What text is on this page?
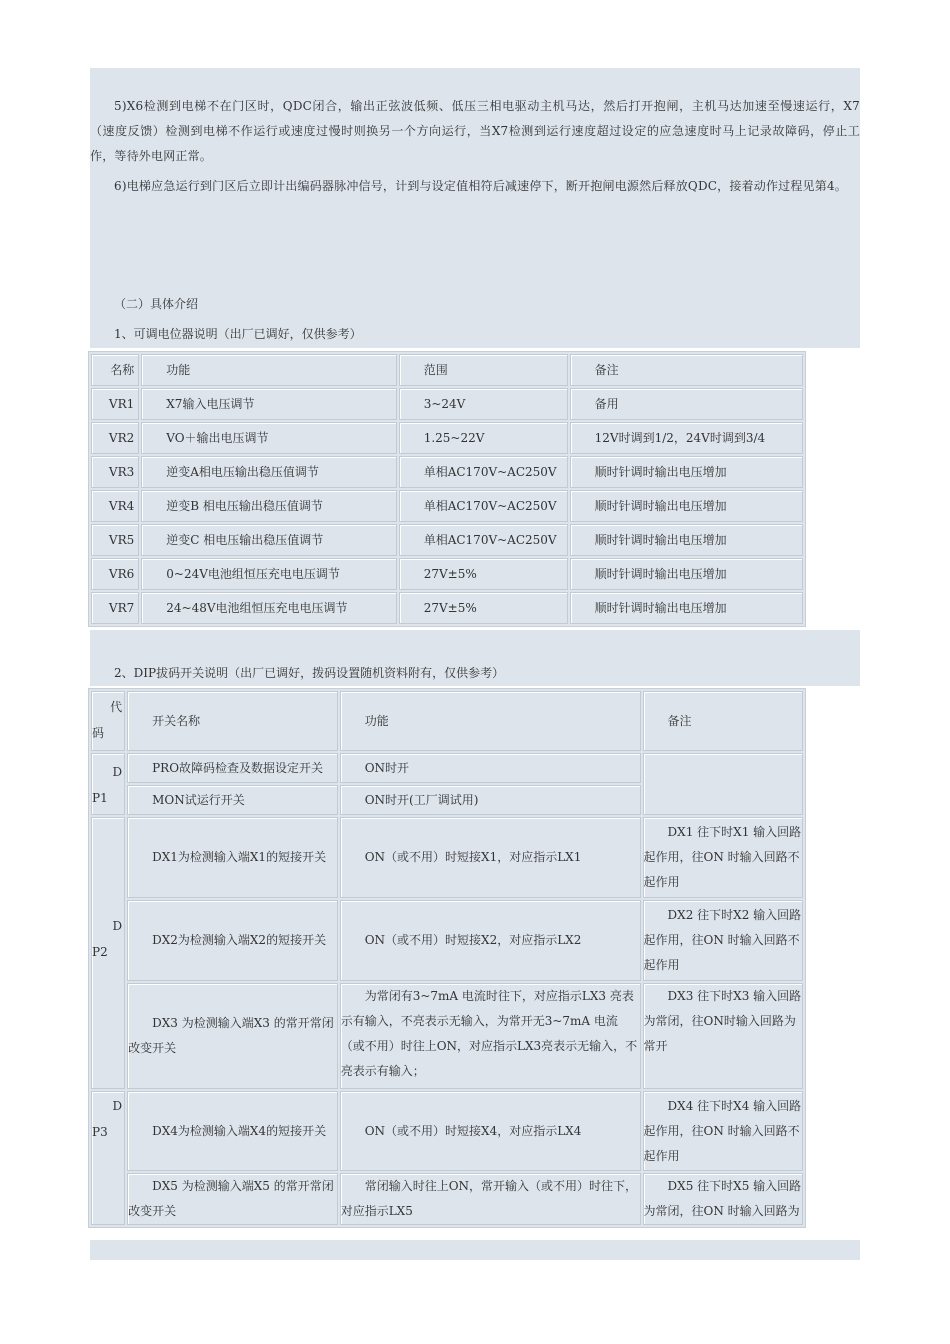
5)X6检测到电梯不在门区时，QDC闭合，输出正弦波低频、低压三相电驱动主机马达，然后打开抱闸，主机马达加速至慢速运行，X7（速度反馈）检测到电梯不作运行或速度过慢时则换另一个方向运行，当X7检测到运行速度超过设定的应急速度时马上记录故障码，停止工作，等待外电网正常。
6)电梯应急运行到门区后立即计出编码器脉冲信号，计到与设定值相符后减速停下，断开抱闸电源然后释放QDC，接着动作过程见第4。
（二）具体介绍
1、可调电位器说明（出厂已调好，仅供参考）
名称	功能	范围	备注
VR1	X7输入电压调节	3~24V	备用
VR2	VO＋输出电压调节	1.25~22V	12V时调到1/2，24V时调到3/4
VR3	逆变A相电压输出稳压值调节	单相AC170V~AC250V	顺时针调时输出电压增加
VR4	逆变B 相电压输出稳压值调节	单相AC170V~AC250V	顺时针调时输出电压增加
VR5	逆变C 相电压输出稳压值调节	单相AC170V~AC250V	顺时针调时输出电压增加
VR6	0~24V电池组恒压充电电压调节	27V±5%	顺时针调时输出电压增加
VR7	24~48V电池组恒压充电电压调节	27V±5%	顺时针调时输出电压增加
2、DIP拔码开关说明（出厂已调好，拨码设置随机资料附有，仅供参考）
代
码	开关名称	功能	备注

D
P1	PRO故障码检查及数据设定开关	ON时开	
	MON试运行开关	ON时开(工厂调试用)	

D
P2	DX1为检测输入端X1的短接开关	ON（或不用）时短接X1，对应指示LX1	DX1 往下时X1 输入回路起作用，往ON 时输入回路不起作用
	DX2为检测输入端X2的短接开关	ON（或不用）时短接X2，对应指示LX2	DX2 往下时X2 输入回路起作用，往ON 时输入回路不起作用
	DX3 为检测输入端X3 的常开常闭改变开关	为常闭有3~7mA 电流时往下，对应指示LX3 亮表示有输入，不亮表示无输入，为常开无3~7mA 电流（或不用）时往上ON，对应指示LX3亮表示无输入，不亮表示有输入；	DX3 往下时X3 输入回路为常闭，往ON时输入回路为常开

D
P3	DX4为检测输入端X4的短接开关	ON（或不用）时短接X4，对应指示LX4	DX4 往下时X4 输入回路起作用，往ON 时输入回路不起作用
	DX5 为检测输入端X5 的常开常闭改变开关	常闭输入时往上ON，常开输入（或不用）时往下，对应指示LX5	DX5 往下时X5 输入回路为常闭，往ON 时输入回路为
